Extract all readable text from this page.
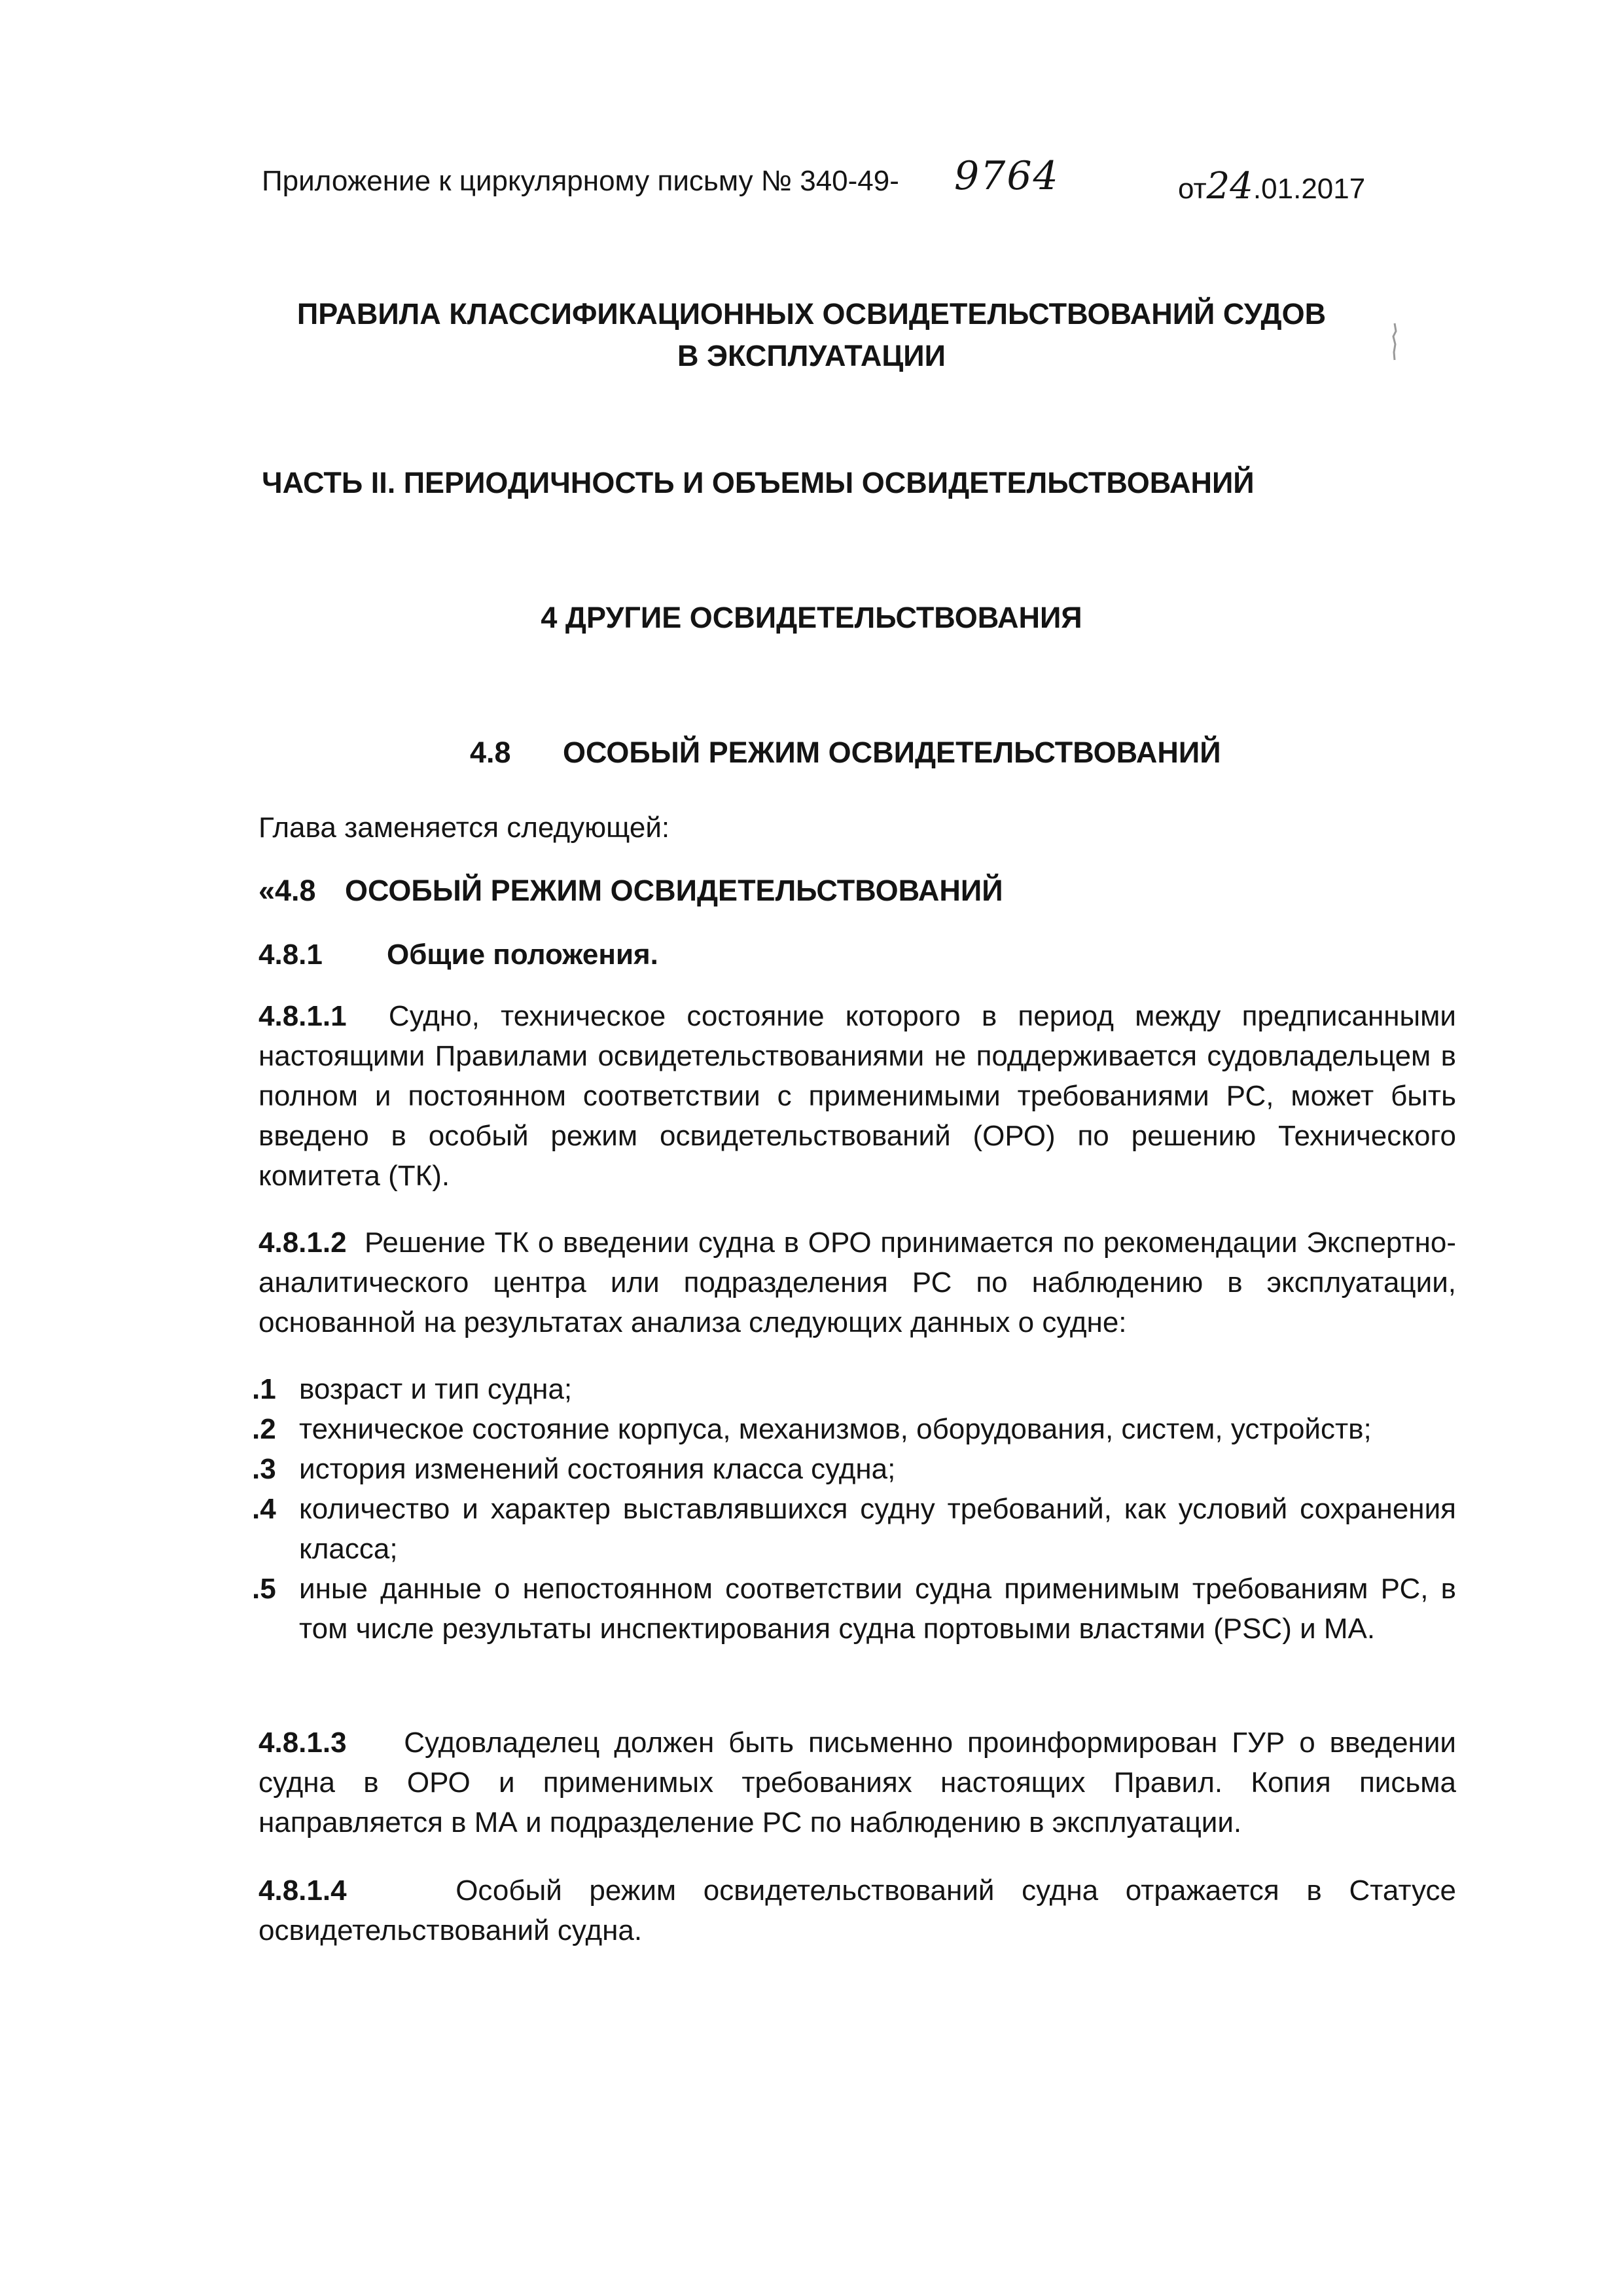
Приложение к циркулярному письму № 340-49- 9764	от24.01.2017
ПРАВИЛА КЛАССИФИКАЦИОННЫХ ОСВИДЕТЕЛЬСТВОВАНИЙ СУДОВ
В ЭКСПЛУАТАЦИИ
ЧАСТЬ II. ПЕРИОДИЧНОСТЬ И ОБЪЕМЫ ОСВИДЕТЕЛЬСТВОВАНИЙ
4 ДРУГИЕ ОСВИДЕТЕЛЬСТВОВАНИЯ
4.8 ОСОБЫЙ РЕЖИМ ОСВИДЕТЕЛЬСТВОВАНИЙ
Глава заменяется следующей:
«4.8 ОСОБЫЙ РЕЖИМ ОСВИДЕТЕЛЬСТВОВАНИЙ
4.8.1 Общие положения.
4.8.1.1 Судно, техническое состояние которого в период между предписанными настоящими Правилами освидетельствованиями не поддерживается судовладельцем в полном и постоянном соответствии с применимыми требованиями РС, может быть введено в особый режим освидетельствований (ОРО) по решению Технического комитета (ТК).
4.8.1.2 Решение ТК о введении судна в ОРО принимается по рекомендации Экспертно-аналитического центра или подразделения РС по наблюдению в эксплуатации, основанной на результатах анализа следующих данных о судне:
.1 возраст и тип судна;
.2 техническое состояние корпуса, механизмов, оборудования, систем, устройств;
.3 история изменений состояния класса судна;
.4 количество и характер выставлявшихся судну требований, как условий сохранения класса;
.5 иные данные о непостоянном соответствии судна применимым требованиям РС, в том числе результаты инспектирования судна портовыми властями (PSC) и МА.
4.8.1.3 Судовладелец должен быть письменно проинформирован ГУР о введении судна в ОРО и применимых требованиях настоящих Правил. Копия письма направляется в МА и подразделение РС по наблюдению в эксплуатации.
4.8.1.4	Особый режим освидетельствований судна отражается в Статусе освидетельствований судна.
